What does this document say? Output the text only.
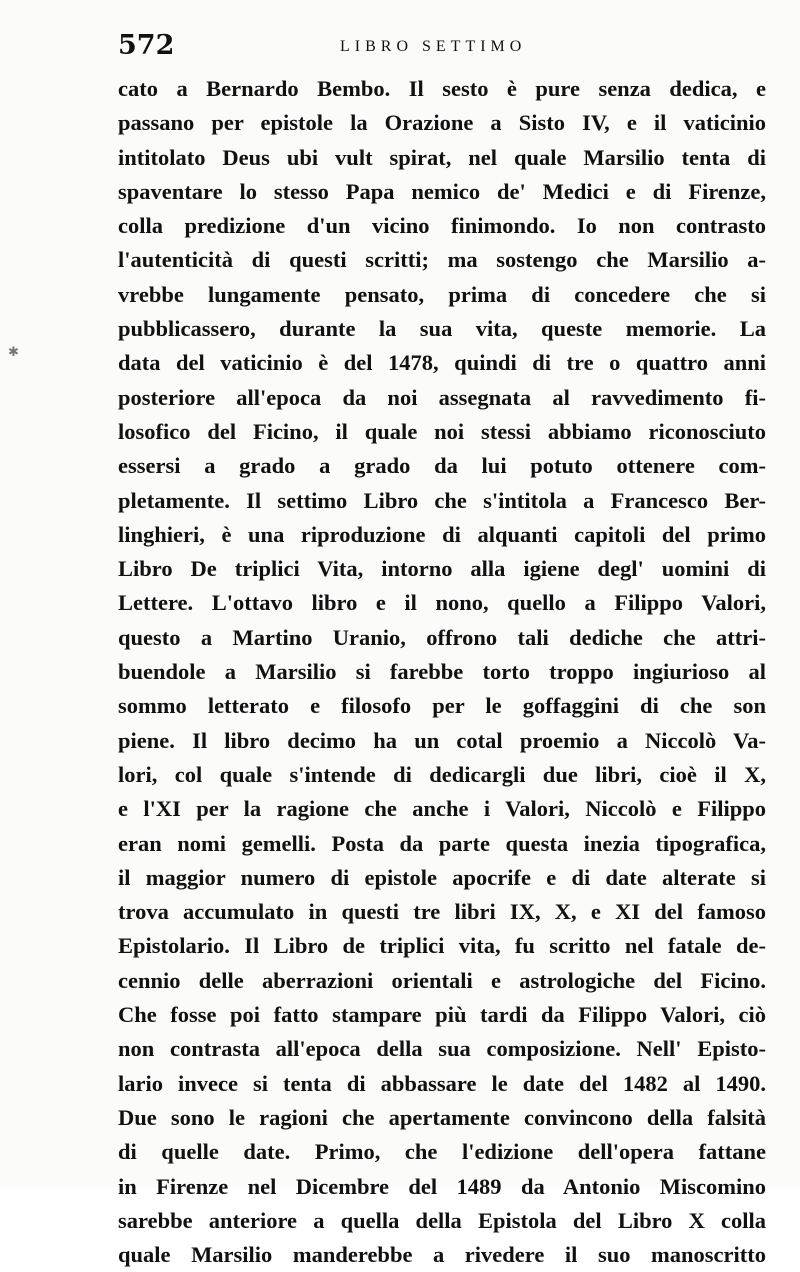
572	LIBRO SETTIMO
✱
cato a Bernardo Bembo. Il sesto è pure senza dedica, e
passano per epistole la Orazione a Sisto IV, e il vaticinio
intitolato Deus ubi vult spirat, nel quale Marsilio tenta di
spaventare lo stesso Papa nemico de' Medici e di Firenze,
colla predizione d'un vicino finimondo. Io non contrasto
l'autenticità di questi scritti; ma sostengo che Marsilio a-
vrebbe lungamente pensato, prima di concedere che si
pubblicassero, durante la sua vita, queste memorie. La
data del vaticinio è del 1478, quindi di tre o quattro anni
posteriore all'epoca da noi assegnata al ravvedimento fi-
losofico del Ficino, il quale noi stessi abbiamo riconosciuto
essersi a grado a grado da lui potuto ottenere com-
pletamente. Il settimo Libro che s'intitola a Francesco Ber-
linghieri, è una riproduzione di alquanti capitoli del primo
Libro De triplici Vita, intorno alla igiene degl' uomini di
Lettere. L'ottavo libro e il nono, quello a Filippo Valori,
questo a Martino Uranio, offrono tali dediche che attri-
buendole a Marsilio si farebbe torto troppo ingiurioso al
sommo letterato e filosofo per le goffaggini di che son
piene. Il libro decimo ha un cotal proemio a Niccolò Va-
lori, col quale s'intende di dedicargli due libri, cioè il X,
e l'XI per la ragione che anche i Valori, Niccolò e Filippo
eran nomi gemelli. Posta da parte questa inezia tipografica,
il maggior numero di epistole apocrife e di date alterate si
trova accumulato in questi tre libri IX, X, e XI del famoso
Epistolario. Il Libro de triplici vita, fu scritto nel fatale de-
cennio delle aberrazioni orientali e astrologiche del Ficino.
Che fosse poi fatto stampare più tardi da Filippo Valori, ciò
non contrasta all'epoca della sua composizione. Nell' Episto-
lario invece si tenta di abbassare le date del 1482 al 1490.
Due sono le ragioni che apertamente convincono della falsità
di quelle date. Primo, che l'edizione dell'opera fattane
in Firenze nel Dicembre del 1489 da Antonio Miscomino
sarebbe anteriore a quella della Epistola del Libro X colla
quale Marsilio manderebbe a rivedere il suo manoscritto
